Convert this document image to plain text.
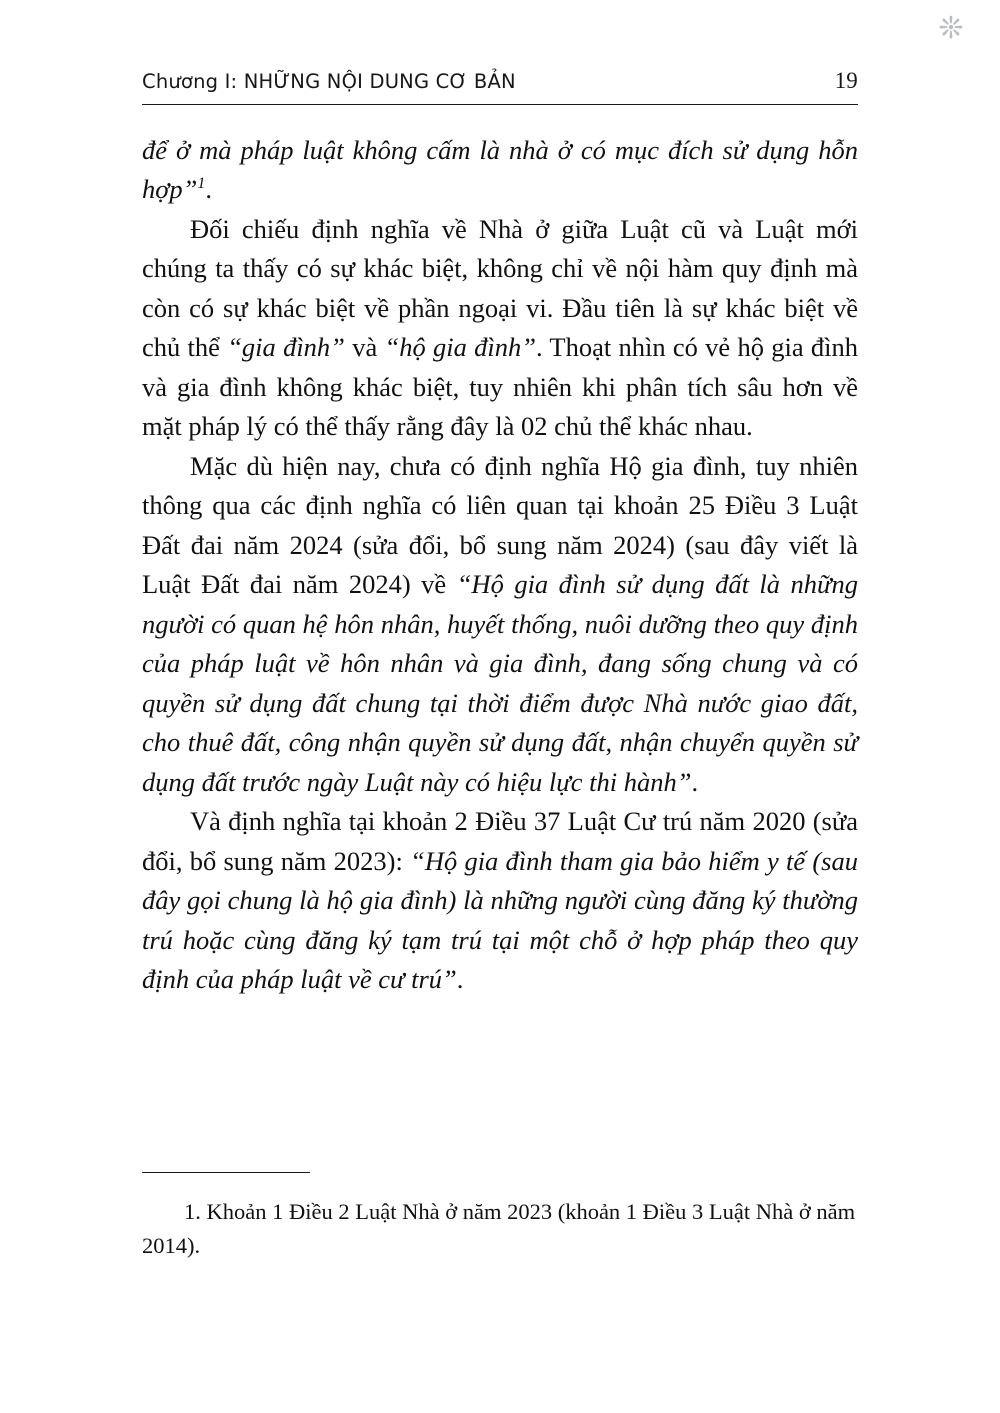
❊
Chương I: NHỮNG NỘI DUNG CƠ BẢN	19

để ở mà pháp luật không cấm là nhà ở có mục đích sử dụng hỗn hợp”$^1$.

Đối chiếu định nghĩa về Nhà ở giữa Luật cũ và Luật mới chúng ta thấy có sự khác biệt, không chỉ về nội hàm quy định mà còn có sự khác biệt về phần ngoại vi. Đầu tiên là sự khác biệt về chủ thể “gia đình” và “hộ gia đình”. Thoạt nhìn có vẻ hộ gia đình và gia đình không khác biệt, tuy nhiên khi phân tích sâu hơn về mặt pháp lý có thể thấy rằng đây là 02 chủ thể khác nhau.

Mặc dù hiện nay, chưa có định nghĩa Hộ gia đình, tuy nhiên thông qua các định nghĩa có liên quan tại khoản 25 Điều 3 Luật Đất đai năm 2024 (sửa đổi, bổ sung năm 2024) (sau đây viết là Luật Đất đai năm 2024) về “Hộ gia đình sử dụng đất là những người có quan hệ hôn nhân, huyết thống, nuôi dưỡng theo quy định của pháp luật về hôn nhân và gia đình, đang sống chung và có quyền sử dụng đất chung tại thời điểm được Nhà nước giao đất, cho thuê đất, công nhận quyền sử dụng đất, nhận chuyển quyền sử dụng đất trước ngày Luật này có hiệu lực thi hành”.

Và định nghĩa tại khoản 2 Điều 37 Luật Cư trú năm 2020 (sửa đổi, bổ sung năm 2023): “Hộ gia đình tham gia bảo hiểm y tế (sau đây gọi chung là hộ gia đình) là những người cùng đăng ký thường trú hoặc cùng đăng ký tạm trú tại một chỗ ở hợp pháp theo quy định của pháp luật về cư trú”.

1. Khoản 1 Điều 2 Luật Nhà ở năm 2023 (khoản 1 Điều 3 Luật Nhà ở năm 2014).
